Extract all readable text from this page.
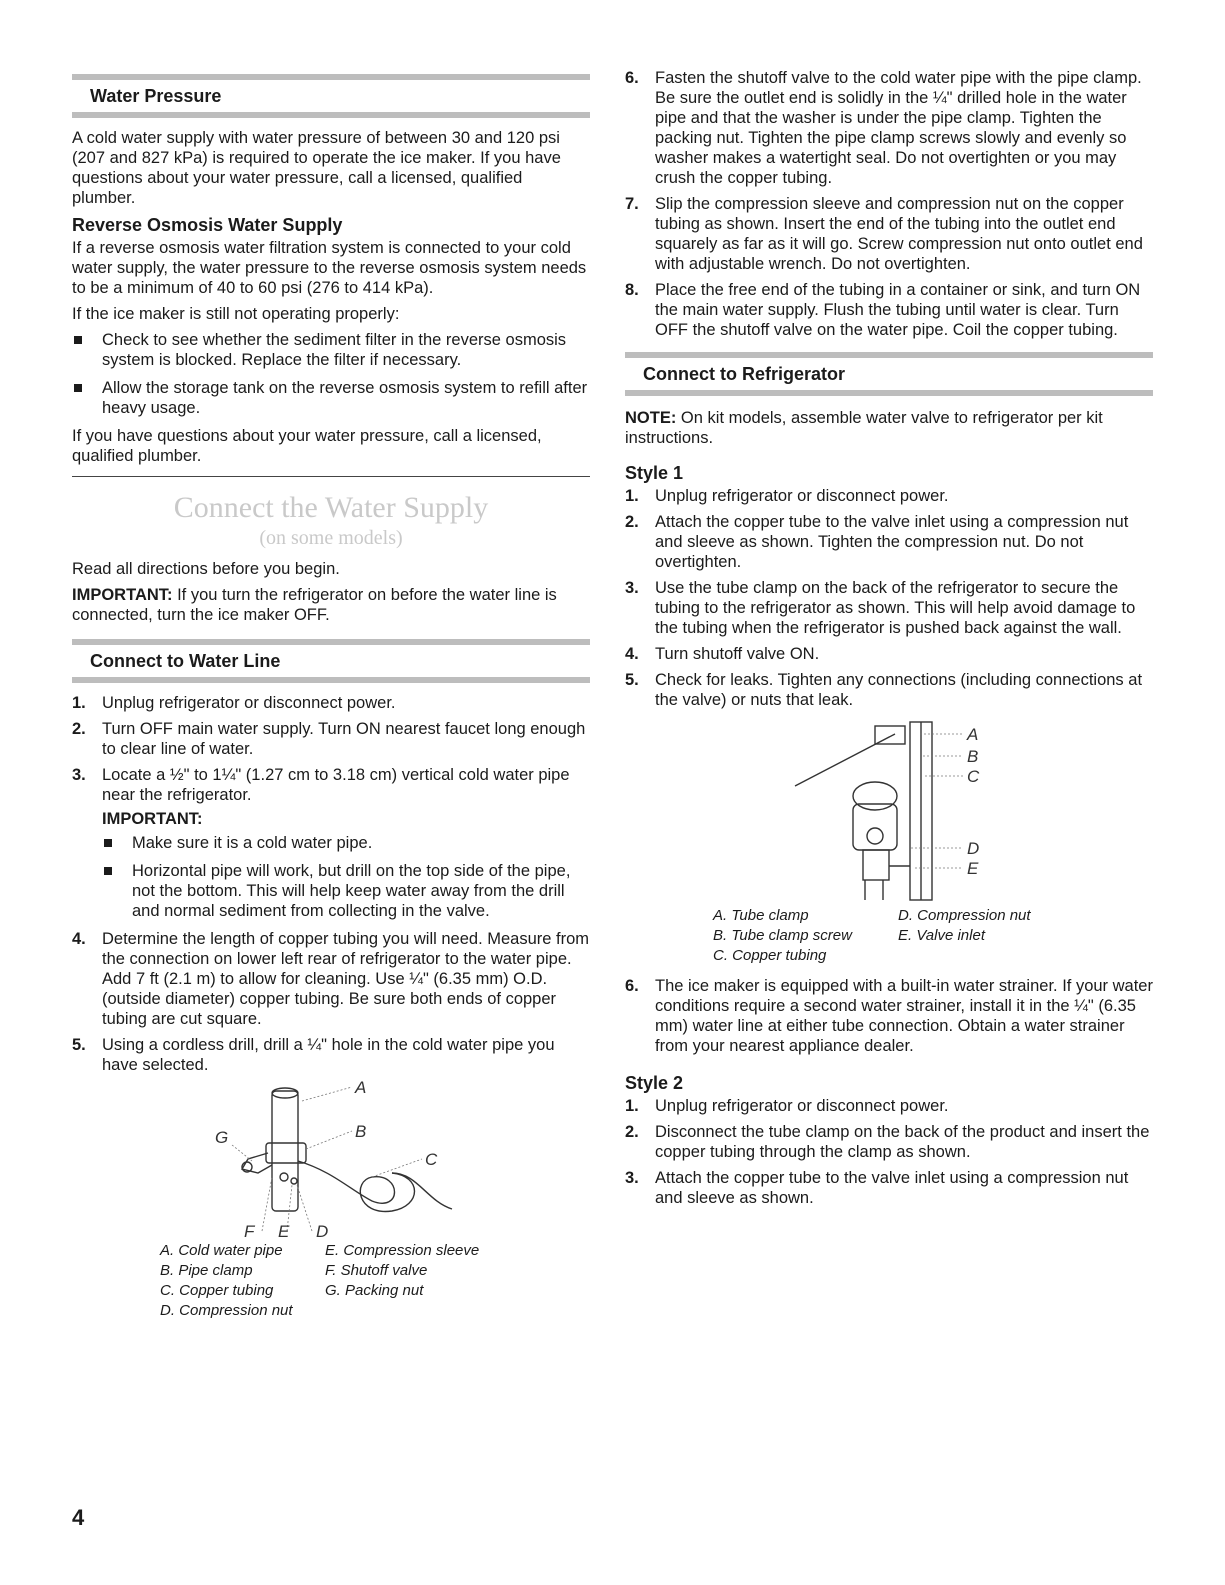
Water Pressure

A cold water supply with water pressure of between 30 and 120 psi (207 and 827 kPa) is required to operate the ice maker. If you have questions about your water pressure, call a licensed, qualified plumber.

Reverse Osmosis Water Supply

If a reverse osmosis water filtration system is connected to your cold water supply, the water pressure to the reverse osmosis system needs to be a minimum of 40 to 60 psi (276 to 414 kPa).

If the ice maker is still not operating properly:

Check to see whether the sediment filter in the reverse osmosis system is blocked. Replace the filter if necessary.
Allow the storage tank on the reverse osmosis system to refill after heavy usage.

If you have questions about your water pressure, call a licensed, qualified plumber.

Connect the Water Supply
(on some models)

Read all directions before you begin.

IMPORTANT: If you turn the refrigerator on before the water line is connected, turn the ice maker OFF.

Connect to Water Line
1. Unplug refrigerator or disconnect power.
2. Turn OFF main water supply. Turn ON nearest faucet long enough to clear line of water.
3. Locate a ½" to 1¼" (1.27 cm to 3.18 cm) vertical cold water pipe near the refrigerator.
IMPORTANT:
Make sure it is a cold water pipe.
Horizontal pipe will work, but drill on the top side of the pipe, not the bottom. This will help keep water away from the drill and normal sediment from collecting in the valve.
4. Determine the length of copper tubing you will need. Measure from the connection on lower left rear of refrigerator to the water pipe. Add 7 ft (2.1 m) to allow for cleaning. Use ¼" (6.35 mm) O.D. (outside diameter) copper tubing. Be sure both ends of copper tubing are cut square.
5. Using a cordless drill, drill a ¼" hole in the cold water pipe you have selected.
A
B
C
G
F E D
A. Cold water pipe
B. Pipe clamp
C. Copper tubing
D. Compression nut
E. Compression sleeve
F. Shutoff valve
G. Packing nut
6. Fasten the shutoff valve to the cold water pipe with the pipe clamp. Be sure the outlet end is solidly in the ¼" drilled hole in the water pipe and that the washer is under the pipe clamp. Tighten the packing nut. Tighten the pipe clamp screws slowly and evenly so washer makes a watertight seal. Do not overtighten or you may crush the copper tubing.
7. Slip the compression sleeve and compression nut on the copper tubing as shown. Insert the end of the tubing into the outlet end squarely as far as it will go. Screw compression nut onto outlet end with adjustable wrench. Do not overtighten.
8. Place the free end of the tubing in a container or sink, and turn ON the main water supply. Flush the tubing until water is clear. Turn OFF the shutoff valve on the water pipe. Coil the copper tubing.
Connect to Refrigerator

NOTE: On kit models, assemble water valve to refrigerator per kit instructions.

Style 1
1. Unplug refrigerator or disconnect power.
2. Attach the copper tube to the valve inlet using a compression nut and sleeve as shown. Tighten the compression nut. Do not overtighten.
3. Use the tube clamp on the back of the refrigerator to secure the tubing to the refrigerator as shown. This will help avoid damage to the tubing when the refrigerator is pushed back against the wall.
4. Turn shutoff valve ON.
5. Check for leaks. Tighten any connections (including connections at the valve) or nuts that leak.
A
B
C
D
E
A. Tube clamp
B. Tube clamp screw
C. Copper tubing
D. Compression nut
E. Valve inlet
6. The ice maker is equipped with a built-in water strainer. If your water conditions require a second water strainer, install it in the ¼" (6.35 mm) water line at either tube connection. Obtain a water strainer from your nearest appliance dealer.
Style 2
1. Unplug refrigerator or disconnect power.
2. Disconnect the tube clamp on the back of the product and insert the copper tubing through the clamp as shown.
3. Attach the copper tube to the valve inlet using a compression nut and sleeve as shown.
4
